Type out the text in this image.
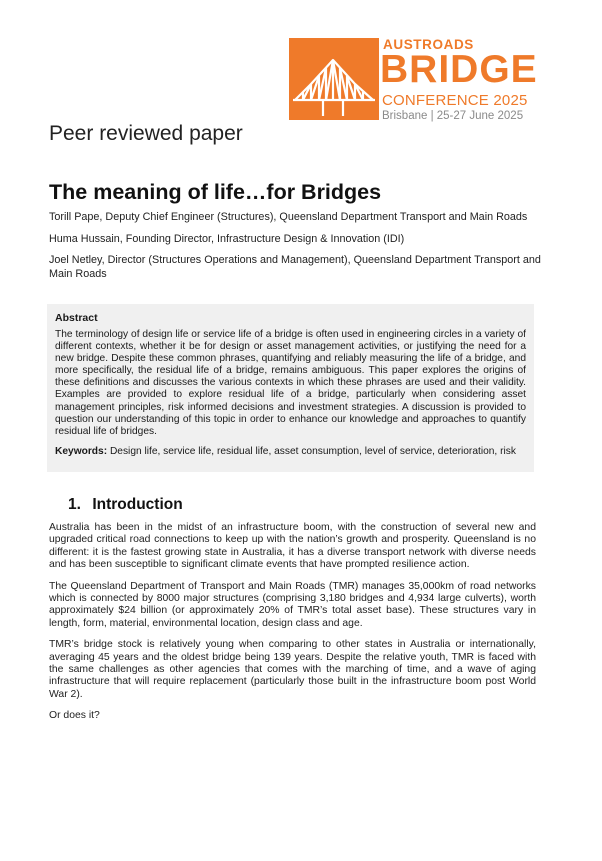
AUSTROADS
BRIDGE
CONFERENCE 2025
Brisbane | 25-27 June 2025
Peer reviewed paper
The meaning of life…for Bridges

Torill Pape, Deputy Chief Engineer (Structures), Queensland Department Transport and Main Roads

Huma Hussain, Founding Director, Infrastructure Design & Innovation (IDI)

Joel Netley, Director (Structures Operations and Management), Queensland Department Transport and Main Roads

Abstract

The terminology of design life or service life of a bridge is often used in engineering circles in a variety of different contexts, whether it be for design or asset management activities, or justifying the need for a new bridge. Despite these common phrases, quantifying and reliably measuring the life of a bridge, and more specifically, the residual life of a bridge, remains ambiguous. This paper explores the origins of these definitions and discusses the various contexts in which these phrases are used and their validity. Examples are provided to explore residual life of a bridge, particularly when considering asset management principles, risk informed decisions and investment strategies. A discussion is provided to question our understanding of this topic in order to enhance our knowledge and approaches to quantify residual life of bridges.

Keywords: Design life, service life, residual life, asset consumption, level of service, deterioration, risk

1. Introduction

Australia has been in the midst of an infrastructure boom, with the construction of several new and upgraded critical road connections to keep up with the nation’s growth and prosperity. Queensland is no different: it is the fastest growing state in Australia, it has a diverse transport network with diverse needs and has been susceptible to significant climate events that have prompted resilience action.

The Queensland Department of Transport and Main Roads (TMR) manages 35,000km of road networks which is connected by 8000 major structures (comprising 3,180 bridges and 4,934 large culverts), worth approximately $24 billion (or approximately 20% of TMR’s total asset base). These structures vary in length, form, material, environmental location, design class and age.

TMR’s bridge stock is relatively young when comparing to other states in Australia or internationally, averaging 45 years and the oldest bridge being 139 years. Despite the relative youth, TMR is faced with the same challenges as other agencies that comes with the marching of time, and a wave of aging infrastructure that will require replacement (particularly those built in the infrastructure boom post World War 2).

Or does it?
